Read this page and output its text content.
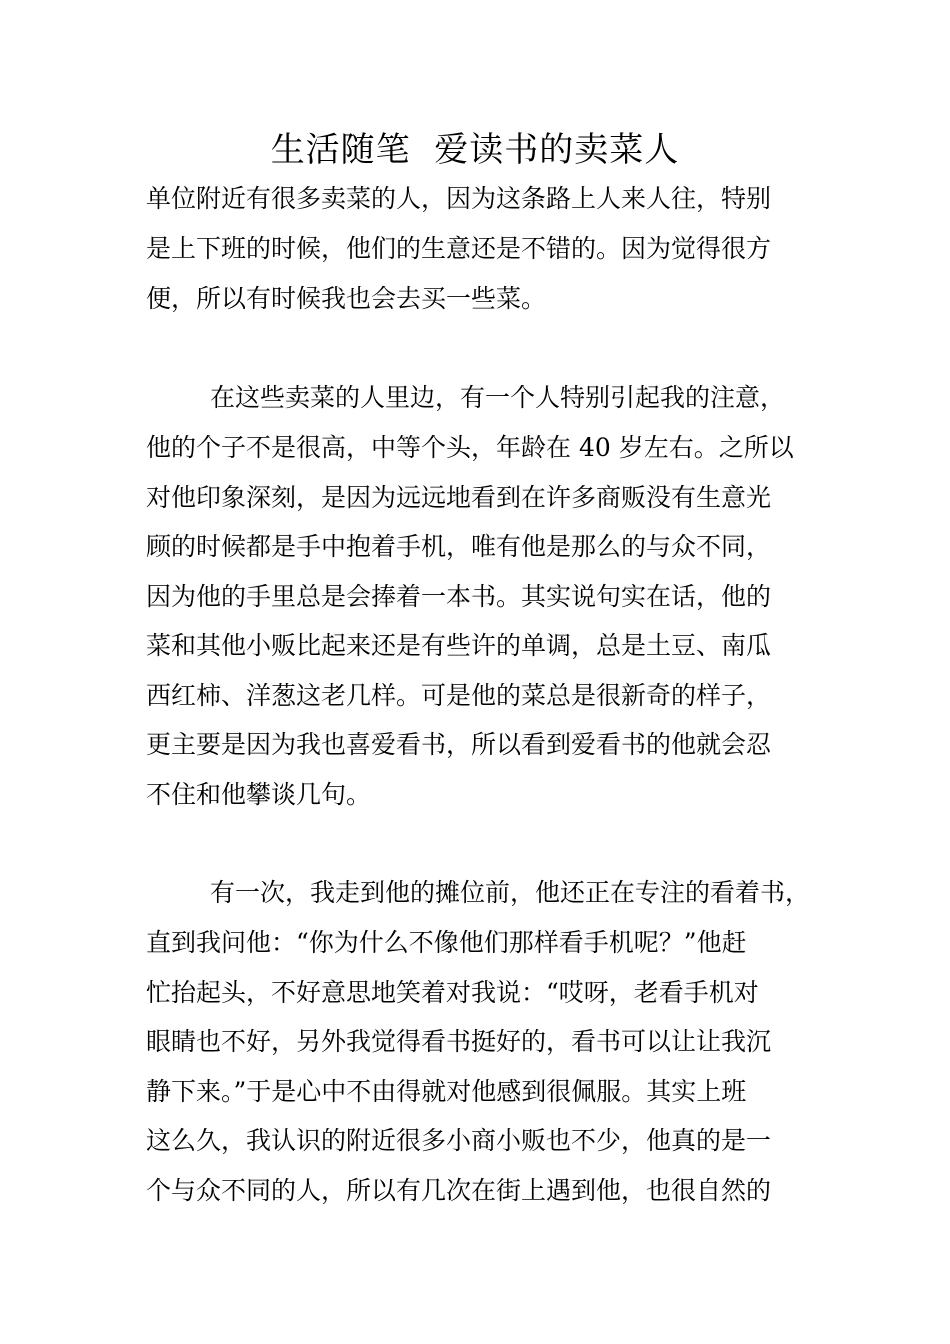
生活随笔  爱读书的卖菜人
单位附近有很多卖菜的人，因为这条路上人来人往，特别
是上下班的时候，他们的生意还是不错的。因为觉得很方
便，所以有时候我也会去买一些菜。
在这些卖菜的人里边，有一个人特别引起我的注意，
他的个子不是很高，中等个头，年龄在 40 岁左右。之所以
对他印象深刻，是因为远远地看到在许多商贩没有生意光
顾的时候都是手中抱着手机，唯有他是那么的与众不同，
因为他的手里总是会捧着一本书。其实说句实在话，他的
菜和其他小贩比起来还是有些许的单调，总是土豆、南瓜
西红柿、洋葱这老几样。可是他的菜总是很新奇的样子，
更主要是因为我也喜爱看书，所以看到爱看书的他就会忍
不住和他攀谈几句。
有一次，我走到他的摊位前，他还正在专注的看着书，
直到我问他：“你为什么不像他们那样看手机呢？”他赶
忙抬起头，不好意思地笑着对我说：“哎呀，老看手机对
眼睛也不好，另外我觉得看书挺好的，看书可以让让我沉
静下来。”于是心中不由得就对他感到很佩服。其实上班
这么久，我认识的附近很多小商小贩也不少，他真的是一
个与众不同的人，所以有几次在街上遇到他，也很自然的
